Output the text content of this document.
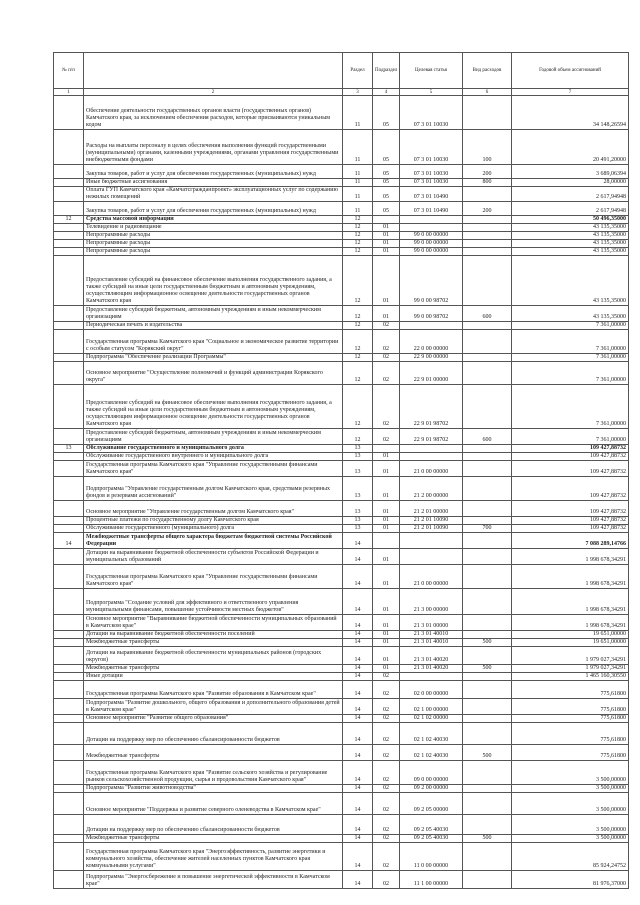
№ п/п		Раздел	Подраздел	Целевая статья	Вид расходов	Годовой объем ассигнований
1	2	3	4	5	6	7
	Обеспечение деятельности государственных органов власти (государственных органов) Камчатского края, за исключением обеспечения расходов, которые присваиваются уникальным кодом	11	05	07 3 01 10030		34 148,26594
	Расходы на выплаты персоналу в целях обеспечения выполнения функций государственными (муниципальными) органами, казенными учреждениями, органами управления государственными внебюджетными фондами	11	05	07 3 01 10030	100	20 491,20000
	Закупка товаров, работ и услуг для обеспечения государственных (муниципальных) нужд	11	05	07 3 01 10030	200	3 689,06394
	Иные бюджетные ассигнования	11	05	07 3 01 10030	800	28,00000
	Оплата ГУП Камчатского края «Камчатсгражданпроект» эксплуатационных услуг по содержанию нежилых помещений	11	05	07 3 01 10490		2 617,94948
	Закупка товаров, работ и услуг для обеспечения государственных (муниципальных) нужд	11	05	07 3 01 10490	200	2 617,94948
12	Средства массовой информации	12				50 496,35000
	Телевидение и радиовещание	12	01			43 135,35000
	Непрограммные расходы	12	01	99 0 00 00000		43 135,35000
	Непрограммные расходы	12	01	99 0 00 00000		43 135,35000
	Непрограммные расходы	12	01	99 0 00 00000		43 135,35000
	Предоставление субсидий на финансовое обеспечение выполнения государственного задания, а также субсидий на иные цели государственным бюджетным и автономным учреждениям, осуществляющим информационное освещение деятельности государственных органов Камчатского края	12	01	99 0 00 98702		43 135,35000
	Предоставление субсидий бюджетным, автономным учреждениям и иным некоммерческим организациям	12	01	99 0 00 98702	600	43 135,35000
	Периодическая печать и издательства	12	02			7 361,00000
	Государственная программа Камчатского края "Социальное и экономическое развитие территории с особым статусом "Корякский округ"	12	02	22 0 00 00000		7 361,00000
	Подпрограмма "Обеспечение реализации Программы"	12	02	22 9 00 00000		7 361,00000
	Основное мероприятие "Осуществление полномочий и функций администрации Корякского округа"	12	02	22 9 01 00000		7 361,00000
	Предоставление субсидий на финансовое обеспечение выполнения государственного задания, а также субсидий на иные цели государственным бюджетным и автономным учреждениям, осуществляющим информационное освещение деятельности государственных органов Камчатского края	12	02	22 9 01 98702		7 361,00000
	Предоставление субсидий бюджетным, автономным учреждениям и иным некоммерческим организациям	12	02	22 9 01 98702	600	7 361,00000
13	Обслуживание государственного и муниципального долга	13				109 427,88732
	Обслуживание государственного внутреннего и муниципального долга	13	01			109 427,88732
	Государственная программа Камчатского края "Управление государственными финансами Камчатского края"	13	01	21 0 00 00000		109 427,88732
	Подпрограмма "Управление государственным долгом Камчатского края, средствами резервных фондов и резервами ассигнований"	13	01	21 2 00 00000		109 427,88732
	Основное мероприятие "Управление государственным долгом Камчатского края"	13	01	21 2 01 00000		109 427,88732
	Процентные платежи по государственному долгу Камчатского края	13	01	21 2 01 10090		109 427,88732
	Обслуживание государственного (муниципального) долга	13	01	21 2 01 10090	700	109 427,88732
14	Межбюджетные трансферты общего характера бюджетам бюджетной системы Российской Федерации	14				7 088 289,14766
	Дотации на выравнивание бюджетной обеспеченности субъектов Российской Федерации и муниципальных образований	14	01			1 998 678,34291
	Государственная программа Камчатского края "Управление государственными финансами Камчатского края"	14	01	21 0 00 00000		1 998 678,34291
	Подпрограмма "Создание условий для эффективного и ответственного управления муниципальными финансами, повышение устойчивости местных бюджетов"	14	01	21 3 00 00000		1 998 678,34291
	Основное мероприятие "Выравнивание бюджетной обеспеченности муниципальных образований в Камчатском крае"	14	01	21 3 01 00000		1 998 678,34291
	Дотации на выравнивание бюджетной обеспеченности поселений	14	01	21 3 01 40010		19 651,00000
	Межбюджетные трансферты	14	01	21 3 01 40010	500	19 651,00000
	Дотации на выравнивание бюджетной обеспеченности муниципальных районов (городских округов)	14	01	21 3 01 40020		1 979 027,34291
	Межбюджетные трансферты	14	01	21 3 01 40020	500	1 979 027,34291
	Иные дотации	14	02			1 465 160,30550
	Государственная программа Камчатского края "Развитие образования в Камчатском крае"	14	02	02 0 00 00000		775,61800
	Подпрограмма "Развитие дошкольного, общего образования и дополнительного образования детей в Камчатском крае"	14	02	02 1 00 00000		775,61800
	Основное мероприятие "Развитие общего образования"	14	02	02 1 02 00000		775,61800
	Дотации на поддержку мер по обеспечению сбалансированности бюджетов	14	02	02 1 02 40030		775,61800
	Межбюджетные трансферты	14	02	02 1 02 40030	500	775,61800
	Государственная программа Камчатского края "Развитие сельского хозяйства и регулирование рынков сельскохозяйственной продукции, сырья и продовольствия Камчатского края"	14	02	09 0 00 00000		3 500,00000
	Подпрограмма "Развитие животноводства"	14	02	09 2 00 00000		3 500,00000
	Основное мероприятие "Поддержка и развитие северного оленеводства в Камчатском крае"	14	02	09 2 05 00000		3 500,00000
	Дотации на поддержку мер по обеспечению сбалансированности бюджетов	14	02	09 2 05 40030		3 500,00000
	Межбюджетные трансферты	14	02	09 2 05 40030	500	3 500,00000
	Государственная программа Камчатского края "Энергоэффективность, развитие энергетики и коммунального хозяйства, обеспечение жителей населенных пунктов Камчатского края коммунальными услугами"	14	02	11 0 00 00000		85 924,24752
	Подпрограмма "Энергосбережение и повышение энергетической эффективности в Камчатском крае"	14	02	11 1 00 00000		81 976,37000
